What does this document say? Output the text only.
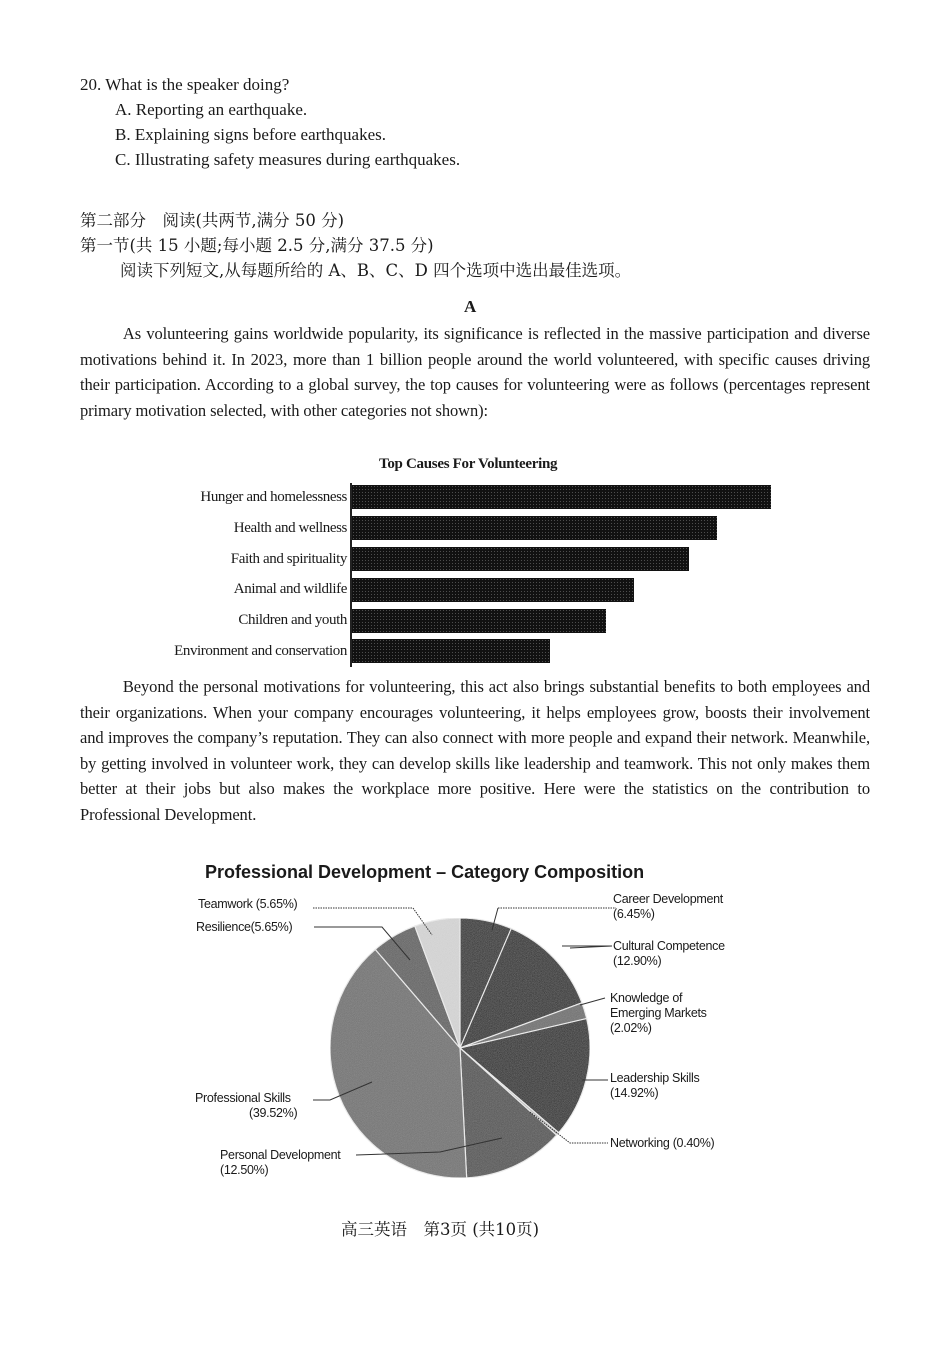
20. What is the speaker doing?
A. Reporting an earthquake.
B. Explaining signs before earthquakes.
C. Illustrating safety measures during earthquakes.
第二部分　阅读(共两节,满分 50 分)
第一节(共 15 小题;每小题 2.5 分,满分 37.5 分)
阅读下列短文,从每题所给的 A、B、C、D 四个选项中选出最佳选项。
A
As volunteering gains worldwide popularity, its significance is reflected in the massive participation and diverse motivations behind it. In 2023, more than 1 billion people around the world volunteered, with specific causes driving their participation. According to a global survey, the top causes for volunteering were as follows (percentages represent primary motivation selected, with other categories not shown):
Top Causes For Volunteering
Hunger and homelessness
Health and wellness
Faith and spirituality
Animal and wildlife
Children and youth
Environment and conservation
Beyond the personal motivations for volunteering, this act also brings substantial benefits to both employees and their organizations. When your company encourages volunteering, it helps employees grow, boosts their involvement and improves the company’s reputation. They can also connect with more people and expand their network. Meanwhile, by getting involved in volunteer work, they can develop skills like leadership and teamwork. This not only makes them better at their jobs but also makes the workplace more positive. Here were the statistics on the contribution to Professional Development.
Professional Development – Category Composition
Teamwork (5.65%)
Resilience(5.65%)
Career Development
(6.45%)
Cultural Competence
(12.90%)
Knowledge of
Emerging Markets
(2.02%)
Leadership Skills
(14.92%)
Networking (0.40%)
Professional Skills
(39.52%)
Personal Development
(12.50%)
高三英语　第3页 (共10页)
